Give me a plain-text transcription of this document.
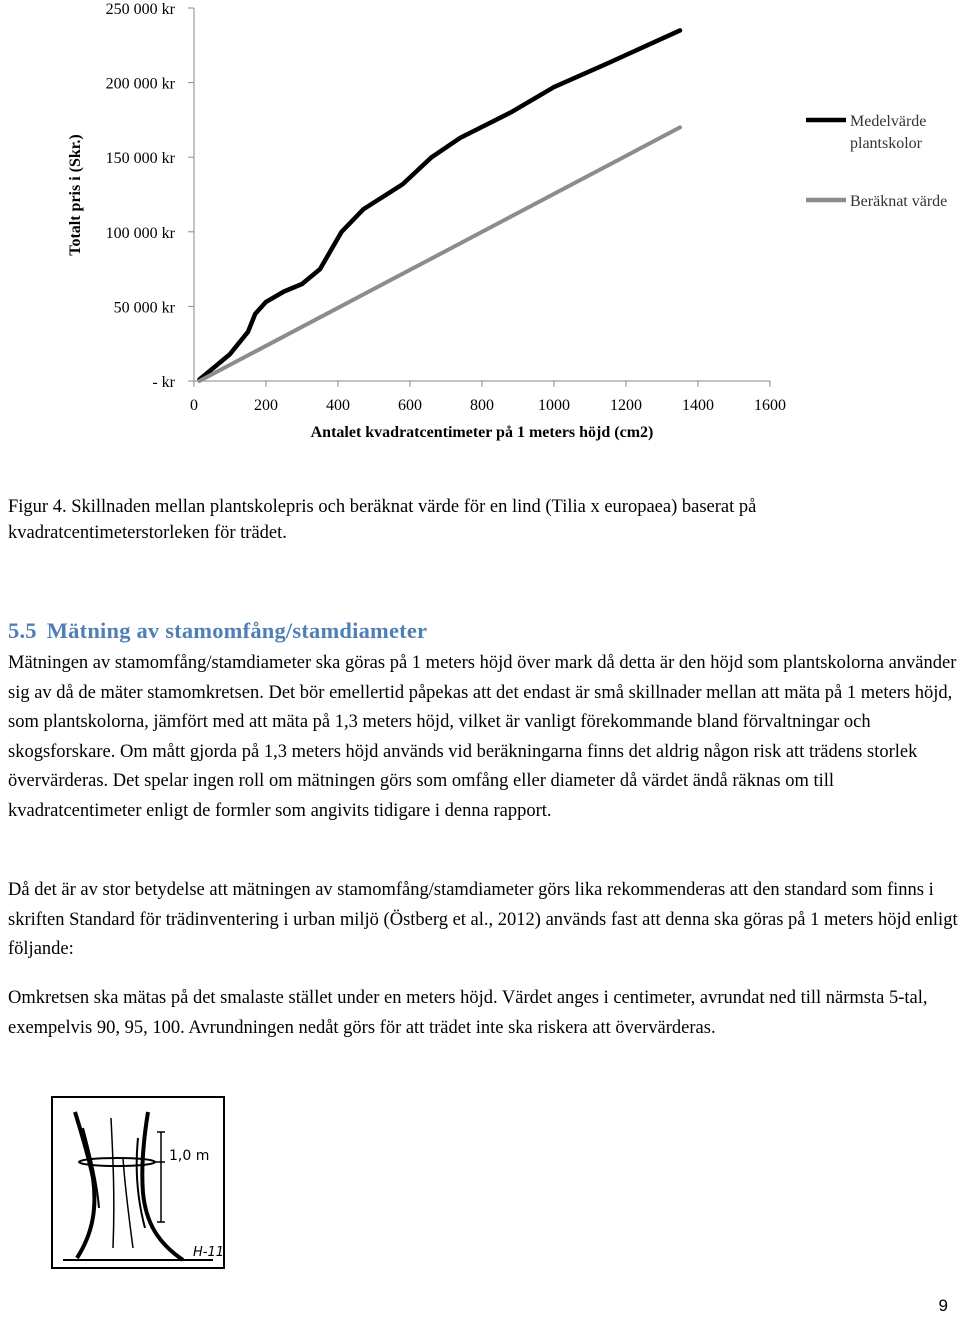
- kr
50 000 kr
100 000 kr
150 000 kr
200 000 kr
250 000 kr
0	200	400	600	800	1000	1200	1400	1600
Medelvärde plantskolor
Beräknat värde
Totalt pris i (Skr.)
Antalet kvadratcentimeter på 1 meters höjd (cm2)
Figur 4. Skillnaden mellan plantskolepris och beräknat värde för en lind (Tilia x europaea) baserat på kvadratcentimeterstorleken för trädet.
5.5 Mätning av stamomfång/stamdiameter
Mätningen av stamomfång/stamdiameter ska göras på 1 meters höjd över mark då detta är den höjd som plantskolorna använder sig av då de mäter stamomkretsen. Det bör emellertid påpekas att det endast är små skillnader mellan att mäta på 1 meters höjd, som plantskolorna, jämfört med att mäta på 1,3 meters höjd, vilket är vanligt förekommande bland förvaltningar och skogsforskare. Om mått gjorda på 1,3 meters höjd används vid beräkningarna finns det aldrig någon risk att trädens storlek övervärderas. Det spelar ingen roll om mätningen görs som omfång eller diameter då värdet ändå räknas om till kvadratcentimeter enligt de formler som angivits tidigare i denna rapport.
Då det är av stor betydelse att mätningen av stamomfång/stamdiameter görs lika rekommenderas att den standard som finns i skriften Standard för trädinventering i urban miljö (Östberg et al., 2012) används fast att denna ska göras på 1 meters höjd enligt följande:
Omkretsen ska mätas på det smalaste stället under en meters höjd. Värdet anges i centimeter, avrundat ned till närmsta 5-tal, exempelvis 90, 95, 100. Avrundningen nedåt görs för att trädet inte ska riskera att övervärderas.
1,0 m
H-11
9
